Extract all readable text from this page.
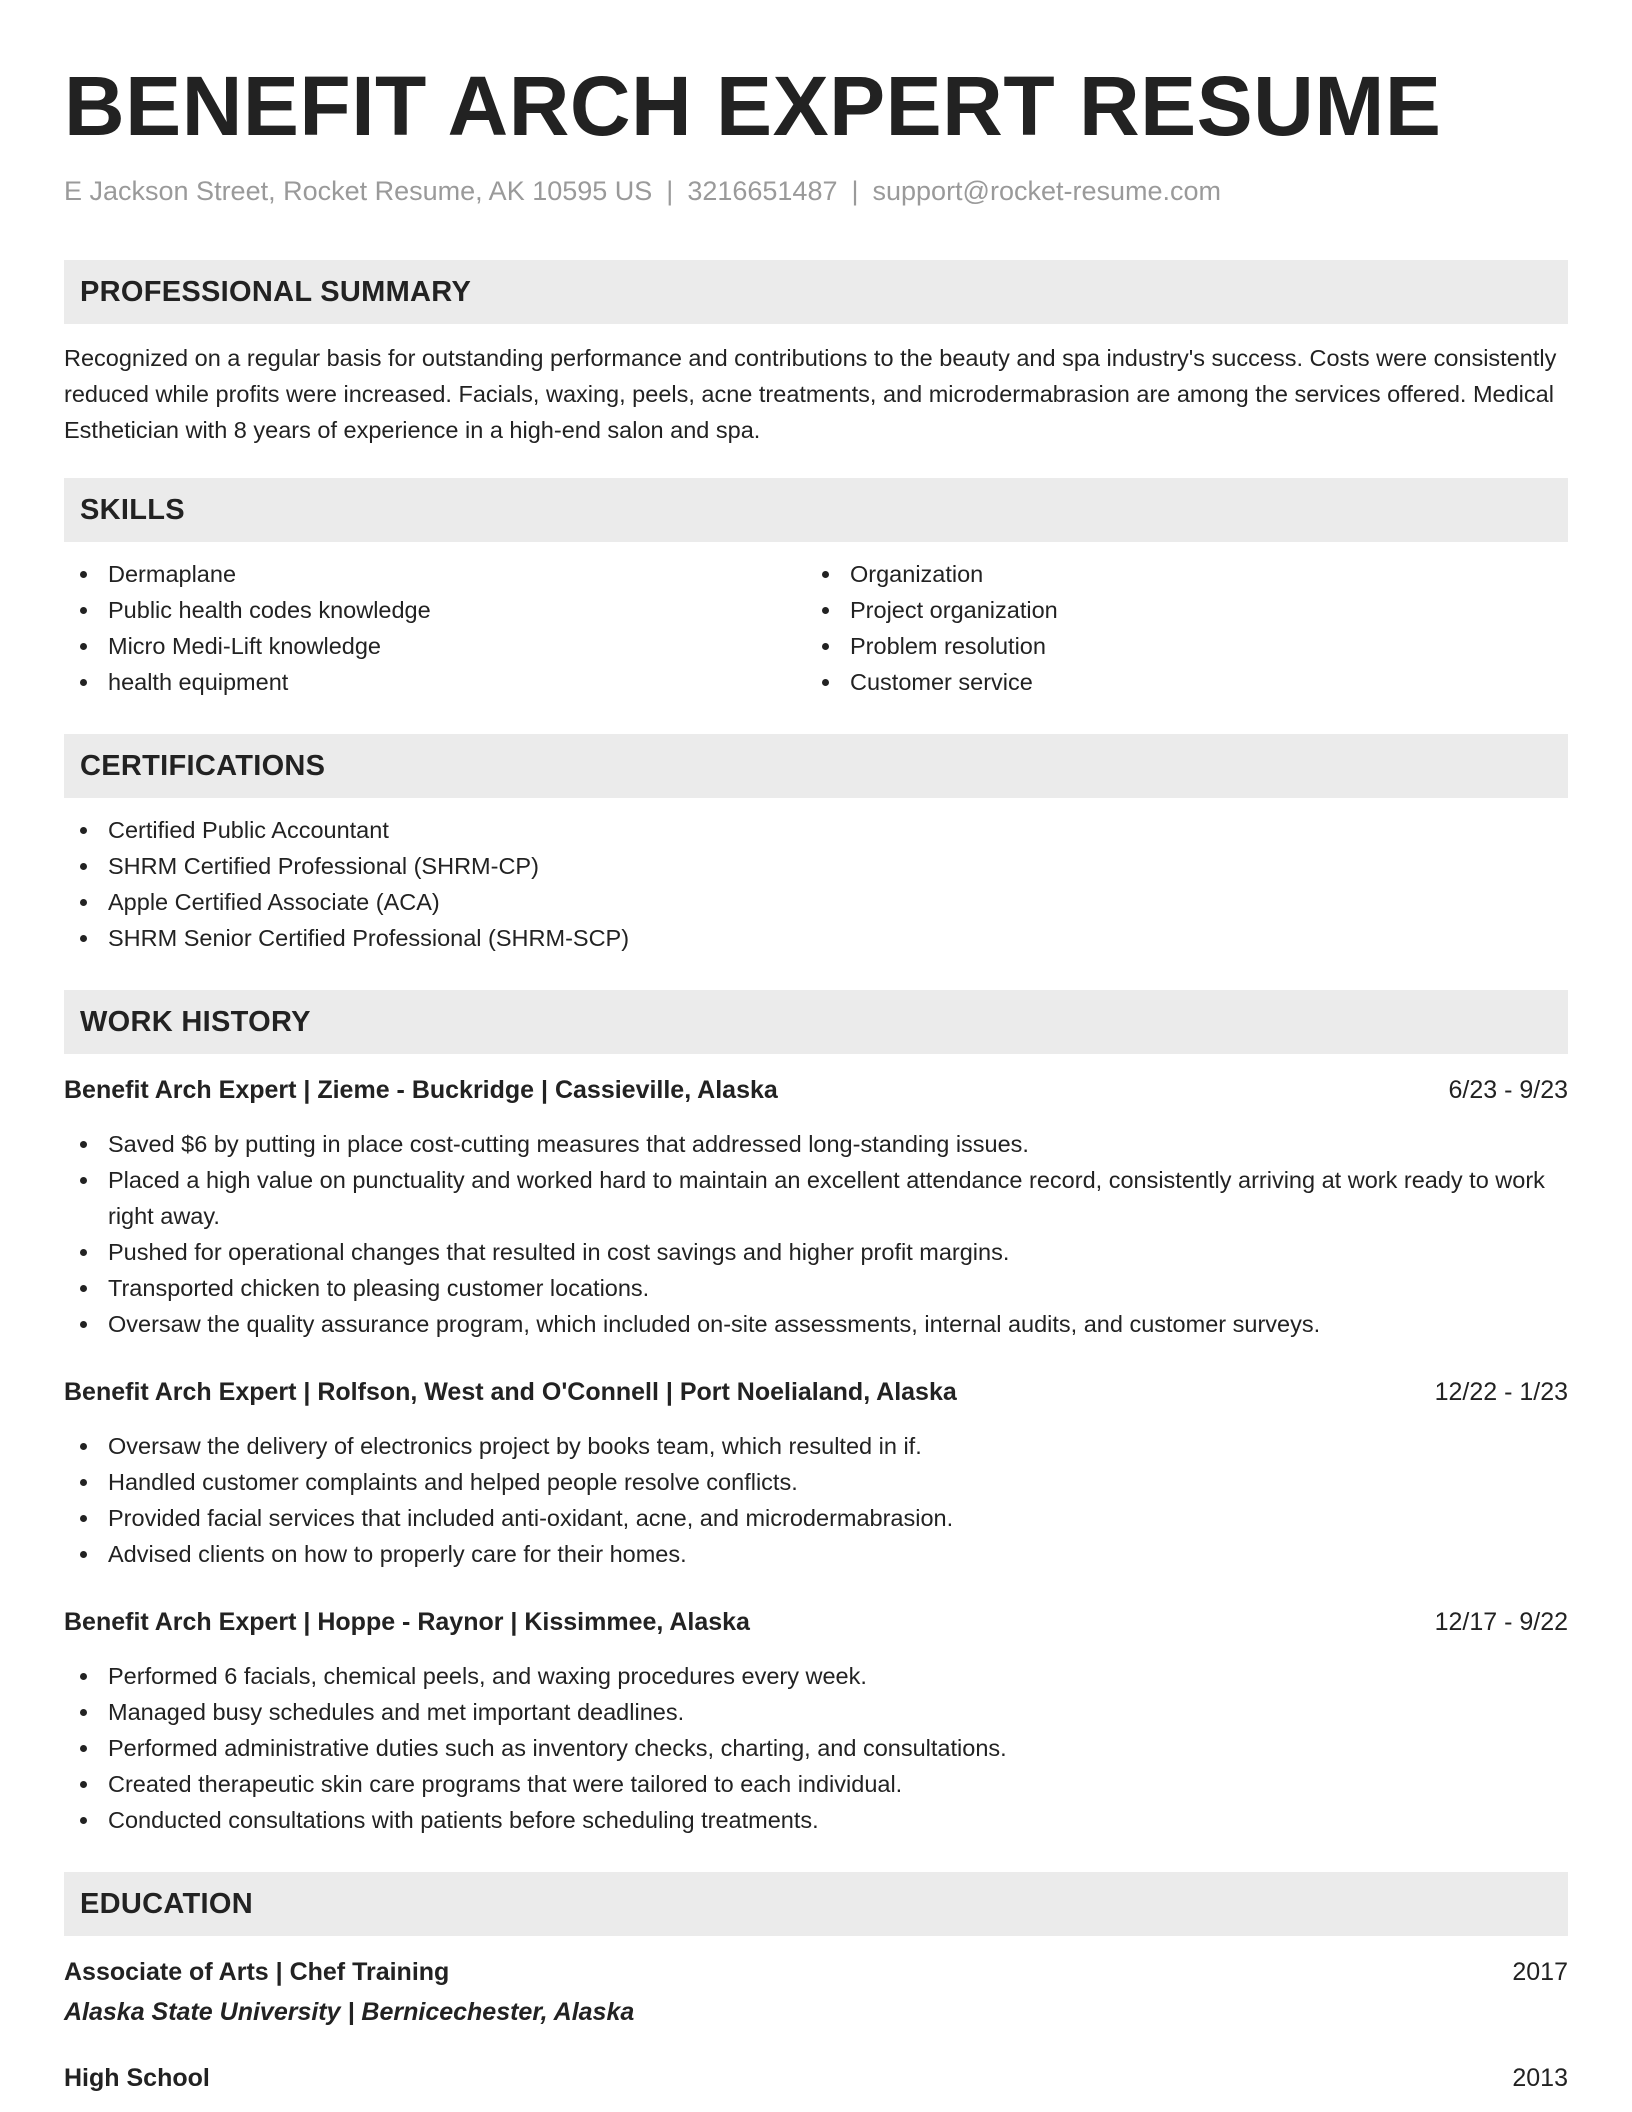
BENEFIT ARCH EXPERT RESUME
E Jackson Street, Rocket Resume, AK 10595 US | 3216651487 | support@rocket-resume.com
PROFESSIONAL SUMMARY

Recognized on a regular basis for outstanding performance and contributions to the beauty and spa industry's success. Costs were consistently reduced while profits were increased. Facials, waxing, peels, acne treatments, and microdermabrasion are among the services offered. Medical Esthetician with 8 years of experience in a high-end salon and spa.

SKILLS
Dermaplane
Public health codes knowledge
Micro Medi-Lift knowledge
health equipment
Organization
Project organization
Problem resolution
Customer service
CERTIFICATIONS
Certified Public Accountant
SHRM Certified Professional (SHRM-CP)
Apple Certified Associate (ACA)
SHRM Senior Certified Professional (SHRM-SCP)
WORK HISTORY
Benefit Arch Expert | Zieme - Buckridge | Cassieville, Alaska	6/23 - 9/23
Saved $6 by putting in place cost-cutting measures that addressed long-standing issues.
Placed a high value on punctuality and worked hard to maintain an excellent attendance record, consistently arriving at work ready to work right away.
Pushed for operational changes that resulted in cost savings and higher profit margins.
Transported chicken to pleasing customer locations.
Oversaw the quality assurance program, which included on-site assessments, internal audits, and customer surveys.
Benefit Arch Expert | Rolfson, West and O'Connell | Port Noelialand, Alaska	12/22 - 1/23
Oversaw the delivery of electronics project by books team, which resulted in if.
Handled customer complaints and helped people resolve conflicts.
Provided facial services that included anti-oxidant, acne, and microdermabrasion.
Advised clients on how to properly care for their homes.
Benefit Arch Expert | Hoppe - Raynor | Kissimmee, Alaska	12/17 - 9/22
Performed 6 facials, chemical peels, and waxing procedures every week.
Managed busy schedules and met important deadlines.
Performed administrative duties such as inventory checks, charting, and consultations.
Created therapeutic skin care programs that were tailored to each individual.
Conducted consultations with patients before scheduling treatments.
EDUCATION
Associate of Arts | Chef Training	2017
Alaska State University | Bernicechester, Alaska
High School	2013
